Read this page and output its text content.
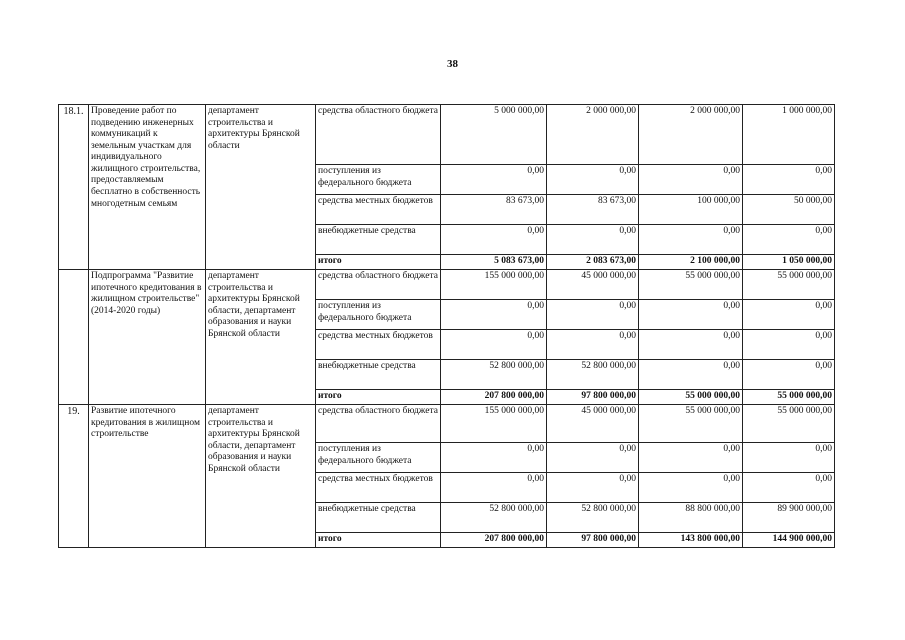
38
18.1.	Проведение работ по подведению инженерных коммуникаций к земельным участкам для индивидуального жилищного строительства, предоставляемым бесплатно в собственность многодетным семьям	департамент строительства и архитектуры Брянской области	средства областного бюджета	5 000 000,00	2 000 000,00	2 000 000,00	1 000 000,00
			поступления из федерального бюджета	0,00	0,00	0,00	0,00
			средства местных бюджетов	83 673,00	83 673,00	100 000,00	50 000,00
			внебюджетные средства	0,00	0,00	0,00	0,00
			итого	5 083 673,00	2 083 673,00	2 100 000,00	1 050 000,00
	Подпрограмма "Развитие ипотечного кредитования в жилищном строительстве" (2014-2020 годы)	департамент строительства и архитектуры Брянской области, департамент образования и науки Брянской области	средства областного бюджета	155 000 000,00	45 000 000,00	55 000 000,00	55 000 000,00
			поступления из федерального бюджета	0,00	0,00	0,00	0,00
			средства местных бюджетов	0,00	0,00	0,00	0,00
			внебюджетные средства	52 800 000,00	52 800 000,00	0,00	0,00
			итого	207 800 000,00	97 800 000,00	55 000 000,00	55 000 000,00
19.	Развитие ипотечного кредитования в жилищном строительстве	департамент строительства и архитектуры Брянской области, департамент образования и науки Брянской области	средства областного бюджета	155 000 000,00	45 000 000,00	55 000 000,00	55 000 000,00
			поступления из федерального бюджета	0,00	0,00	0,00	0,00
			средства местных бюджетов	0,00	0,00	0,00	0,00
			внебюджетные средства	52 800 000,00	52 800 000,00	88 800 000,00	89 900 000,00
			итого	207 800 000,00	97 800 000,00	143 800 000,00	144 900 000,00
